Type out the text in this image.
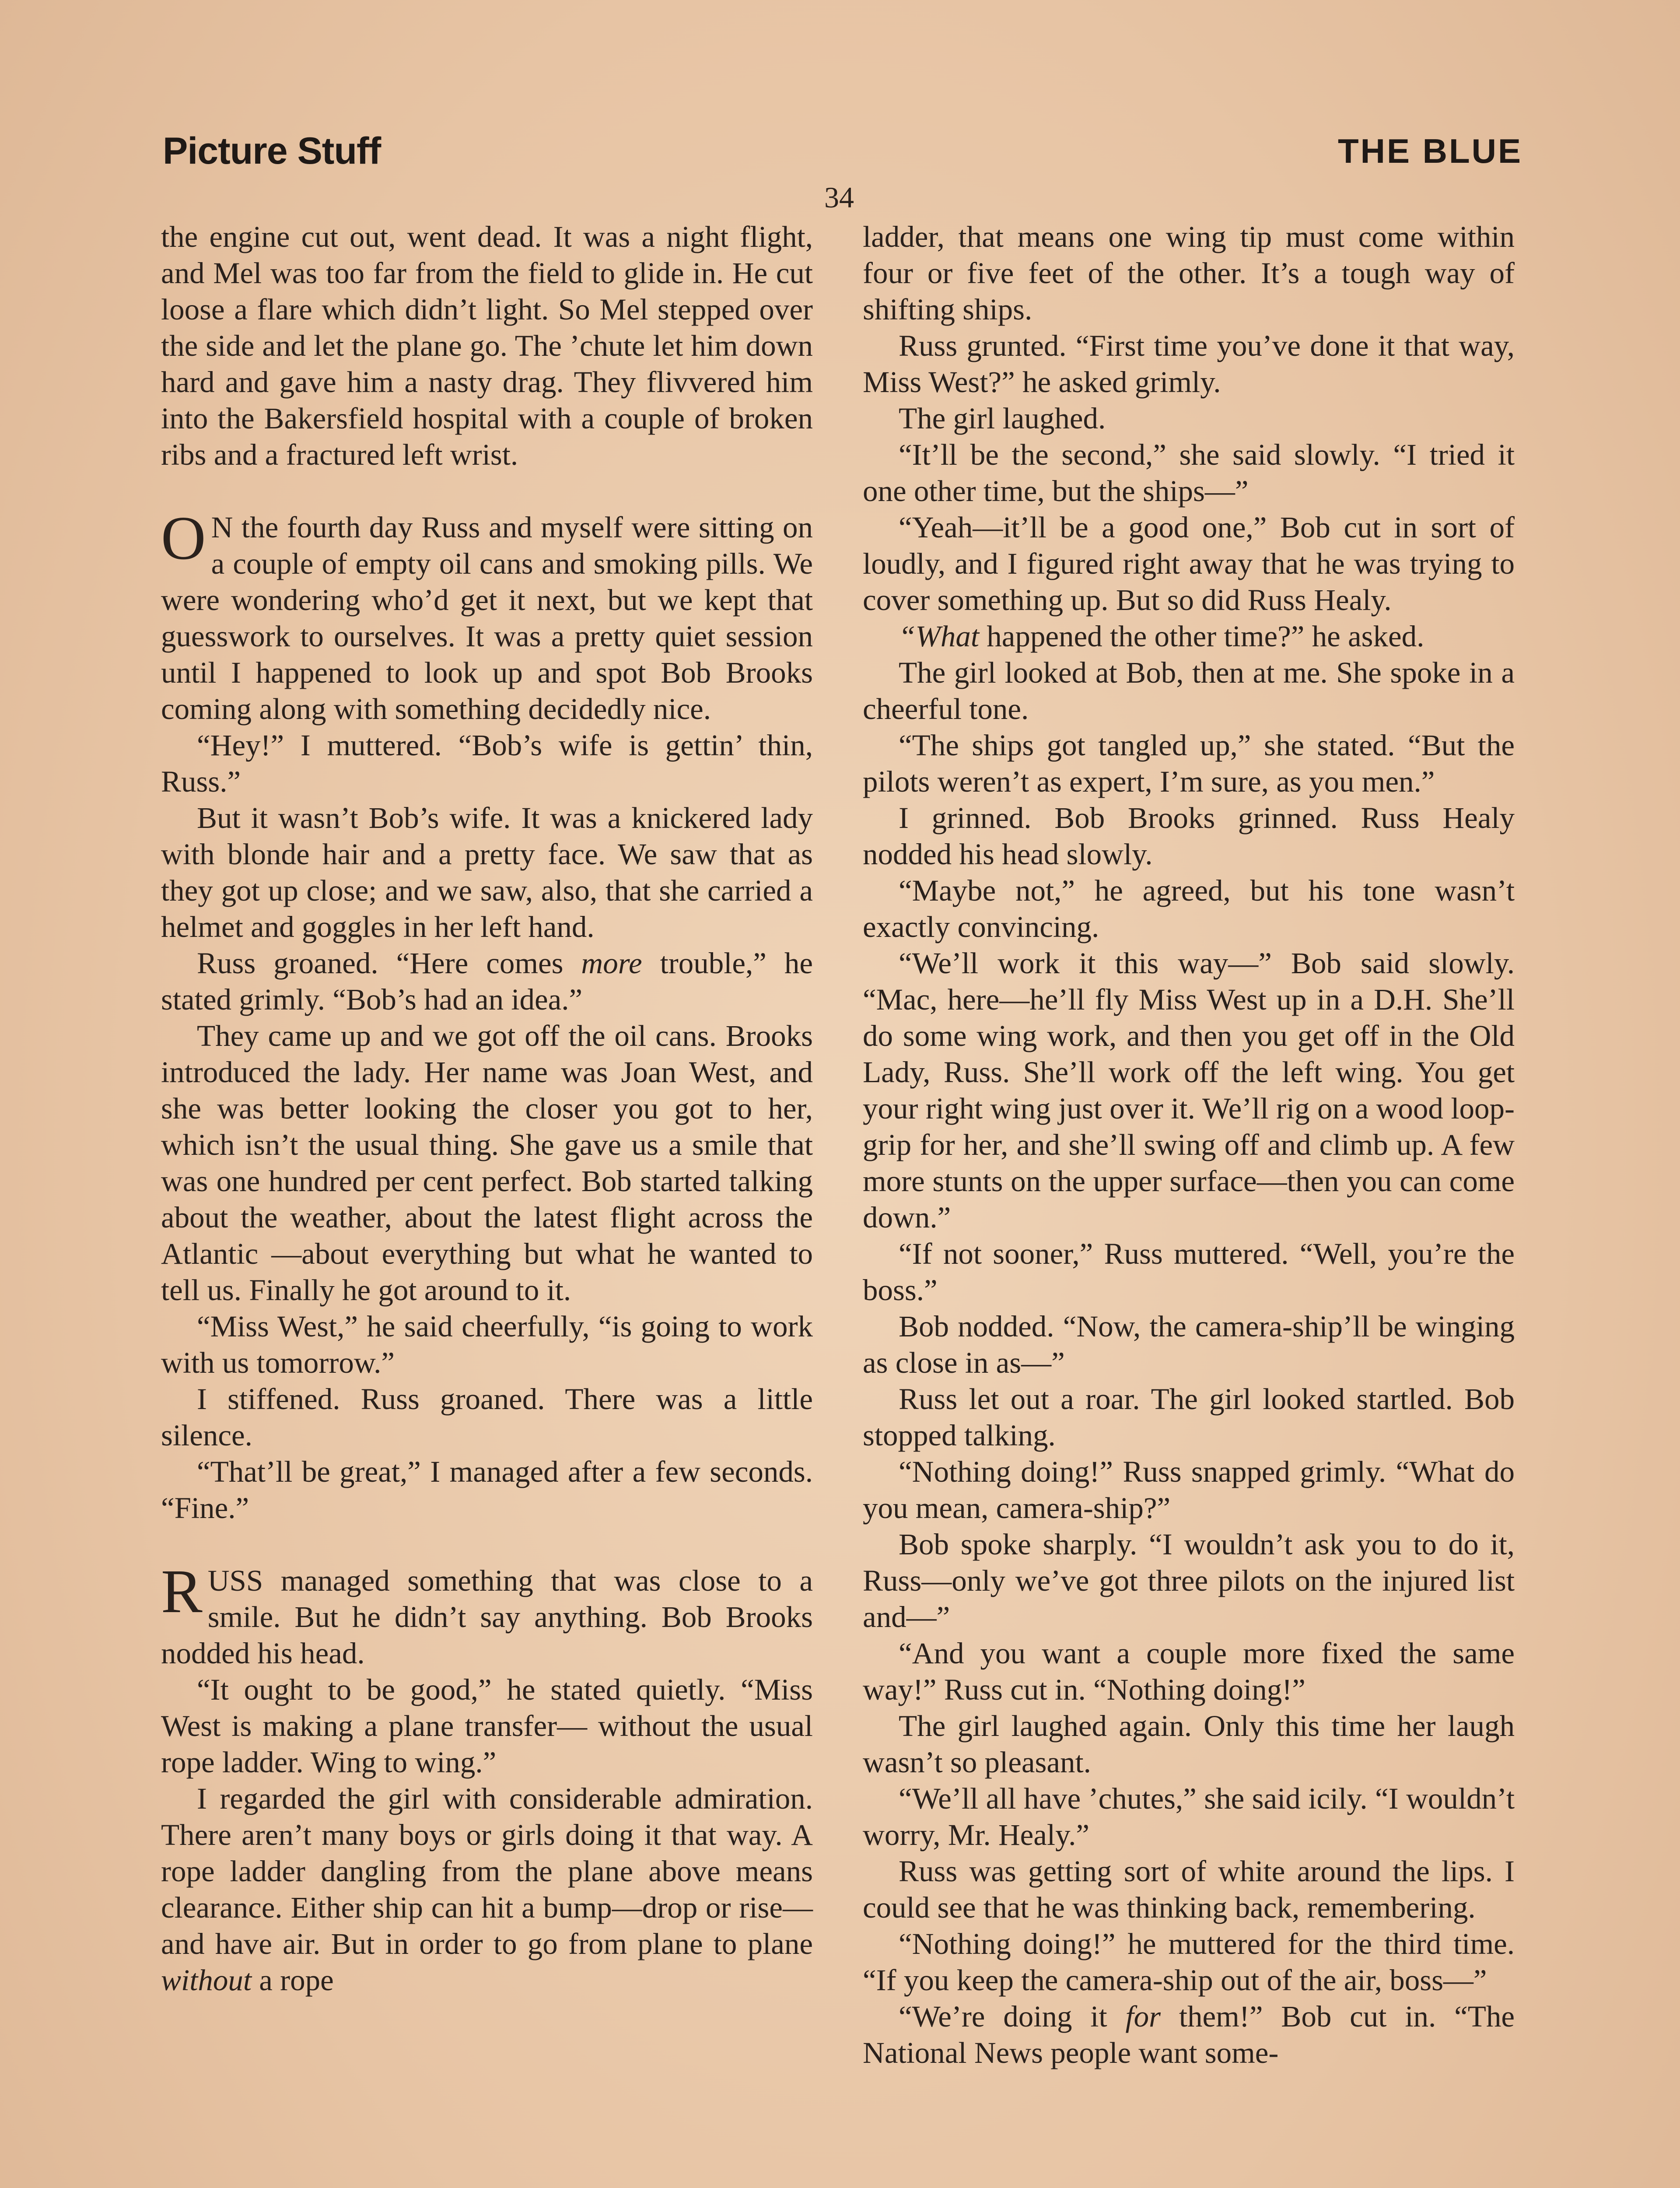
Picture Stuff	THE BLUE
34

the engine cut out, went dead. It was a night flight, and Mel was too far from the field to glide in. He cut loose a flare which didn’t light. So Mel stepped over the side and let the plane go. The ’chute let him down hard and gave him a nasty drag. They flivvered him into the Bakersfield hospital with a couple of broken ribs and a fractured left wrist.

O N the fourth day Russ and myself were sitting on a couple of empty oil cans and smoking pills. We were wondering who’d get it next, but we kept that guesswork to ourselves. It was a pretty quiet session until I happened to look up and spot Bob Brooks coming along with something decidedly nice.

“Hey!” I muttered. “Bob’s wife is gettin’ thin, Russ.”

But it wasn’t Bob’s wife. It was a knickered lady with blonde hair and a pretty face. We saw that as they got up close; and we saw, also, that she carried a helmet and goggles in her left hand.

Russ groaned. “Here comes more trouble,” he stated grimly. “Bob’s had an idea.”

They came up and we got off the oil cans. Brooks introduced the lady. Her name was Joan West, and she was better looking the closer you got to her, which isn’t the usual thing. She gave us a smile that was one hundred per cent perfect. Bob started talking about the weather, about the latest flight across the Atlantic —about everything but what he wanted to tell us. Finally he got around to it.

“Miss West,” he said cheerfully, “is going to work with us tomorrow.”

I stiffened. Russ groaned. There was a little silence.

“That’ll be great,” I managed after a few seconds. “Fine.”

RUSS managed something that was close to a smile. But he didn’t say anything. Bob Brooks nodded his head.

“It ought to be good,” he stated quietly. “Miss West is making a plane transfer— without the usual rope ladder. Wing to wing.”

I regarded the girl with considerable admiration. There aren’t many boys or girls doing it that way. A rope ladder dangling from the plane above means clearance. Either ship can hit a bump—drop or rise—and have air. But in order to go from plane to plane without a rope

ladder, that means one wing tip must come within four or five feet of the other. It’s a tough way of shifting ships.

Russ grunted. “First time you’ve done it that way, Miss West?” he asked grimly.

The girl laughed.

“It’ll be the second,” she said slowly. “I tried it one other time, but the ships—”

“Yeah—it’ll be a good one,” Bob cut in sort of loudly, and I figured right away that he was trying to cover something up. But so did Russ Healy.

“What happened the other time?” he asked.

The girl looked at Bob, then at me. She spoke in a cheerful tone.

“The ships got tangled up,” she stated. “But the pilots weren’t as expert, I’m sure, as you men.”

I grinned. Bob Brooks grinned. Russ Healy nodded his head slowly.

“Maybe not,” he agreed, but his tone wasn’t exactly convincing.

“We’ll work it this way—” Bob said slowly. “Mac, here—he’ll fly Miss West up in a D.H. She’ll do some wing work, and then you get off in the Old Lady, Russ. She’ll work off the left wing. You get your right wing just over it. We’ll rig on a wood loop-grip for her, and she’ll swing off and climb up. A few more stunts on the upper surface—then you can come down.”

“If not sooner,” Russ muttered. “Well, you’re the boss.”

Bob nodded. “Now, the camera-ship’ll be winging as close in as—”

Russ let out a roar. The girl looked startled. Bob stopped talking.

“Nothing doing!” Russ snapped grimly. “What do you mean, camera-ship?”

Bob spoke sharply. “I wouldn’t ask you to do it, Russ—only we’ve got three pilots on the injured list and—”

“And you want a couple more fixed the same way!” Russ cut in. “Nothing doing!”

The girl laughed again. Only this time her laugh wasn’t so pleasant.

“We’ll all have ’chutes,” she said icily. “I wouldn’t worry, Mr. Healy.”

Russ was getting sort of white around the lips. I could see that he was thinking back, remembering.

“Nothing doing!” he muttered for the third time. “If you keep the camera-ship out of the air, boss—”

“We’re doing it for them!” Bob cut in. “The National News people want some-
